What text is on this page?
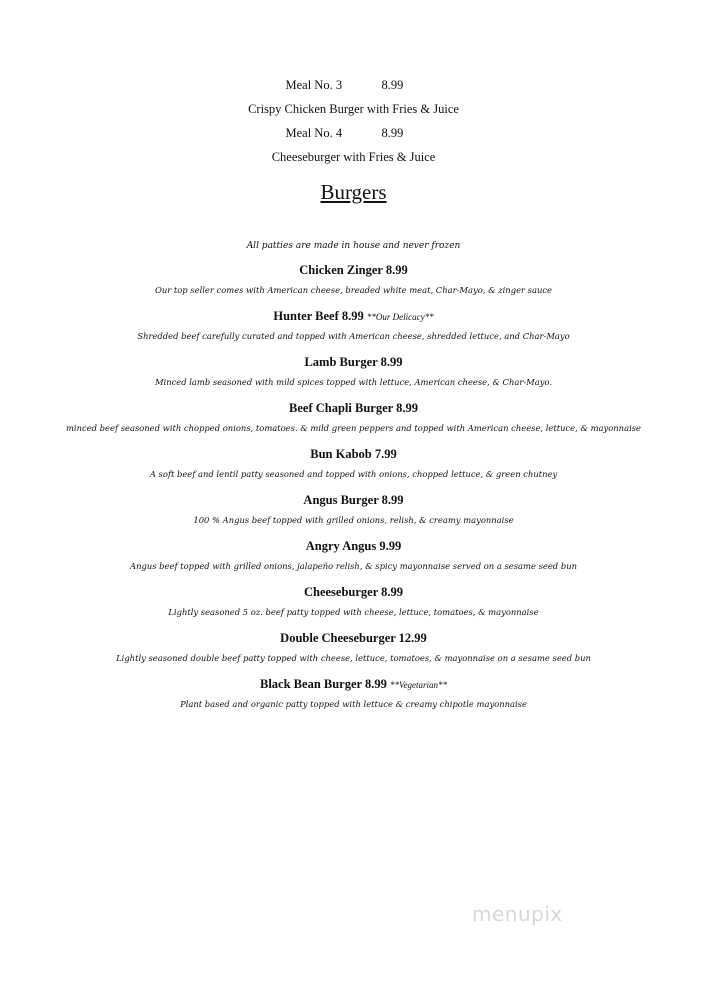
Meal No. 3	8.99
Crispy Chicken Burger with Fries & Juice
Meal No. 4	8.99
Cheeseburger with Fries & Juice
Burgers
All patties are made in house and never frozen
Chicken Zinger 8.99
Our top seller comes with American cheese, breaded white meat, Char-Mayo, & zinger sauce
Hunter Beef 8.99 **Our Delicacy**
Shredded beef carefully curated and topped with American cheese, shredded lettuce, and Char-Mayo
Lamb Burger 8.99
Minced lamb seasoned with mild spices topped with lettuce, American cheese, & Char-Mayo.
Beef Chapli Burger 8.99
minced beef seasoned with chopped onions, tomatoes. & mild green peppers and topped with American cheese, lettuce, & mayonnaise
Bun Kabob 7.99
A soft beef and lentil patty seasoned and topped with onions, chopped lettuce, & green chutney
Angus Burger 8.99
100 % Angus beef topped with grilled onions, relish, & creamy mayonnaise
Angry Angus 9.99
Angus beef topped with grilled onions, jalapeño relish, & spicy mayonnaise served on a sesame seed bun
Cheeseburger 8.99
Lightly seasoned 5 oz. beef patty topped with cheese, lettuce, tomatoes, & mayonnaise
Double Cheeseburger 12.99
Lightly seasoned double beef patty topped with cheese, lettuce, tomatoes, & mayonnaise on a sesame seed bun
Black Bean Burger 8.99 **Vegetarian**
Plant based and organic patty topped with lettuce & creamy chipotle mayonnaise
menupix
